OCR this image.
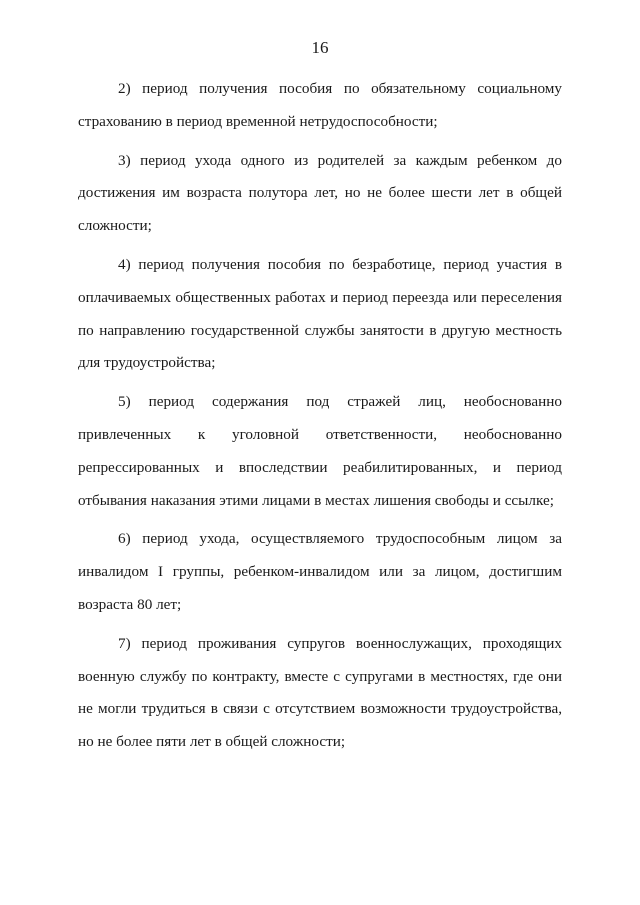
16

2) период получения пособия по обязательному социальному страхованию в период временной нетрудоспособности;

3) период ухода одного из родителей за каждым ребенком до достижения им возраста полутора лет, но не более шести лет в общей сложности;

4) период получения пособия по безработице, период участия в оплачиваемых общественных работах и период переезда или переселения по направлению государственной службы занятости в другую местность для трудоустройства;

5) период содержания под стражей лиц, необоснованно привлеченных к уголовной ответственности, необоснованно репрессированных и впоследствии реабилитированных, и период отбывания наказания этими лицами в местах лишения свободы и ссылке;

6) период ухода, осуществляемого трудоспособным лицом за инвалидом I группы, ребенком-инвалидом или за лицом, достигшим возраста 80 лет;

7) период проживания супругов военнослужащих, проходящих военную службу по контракту, вместе с супругами в местностях, где они не могли трудиться в связи с отсутствием возможности трудоустройства, но не более пяти лет в общей сложности;
